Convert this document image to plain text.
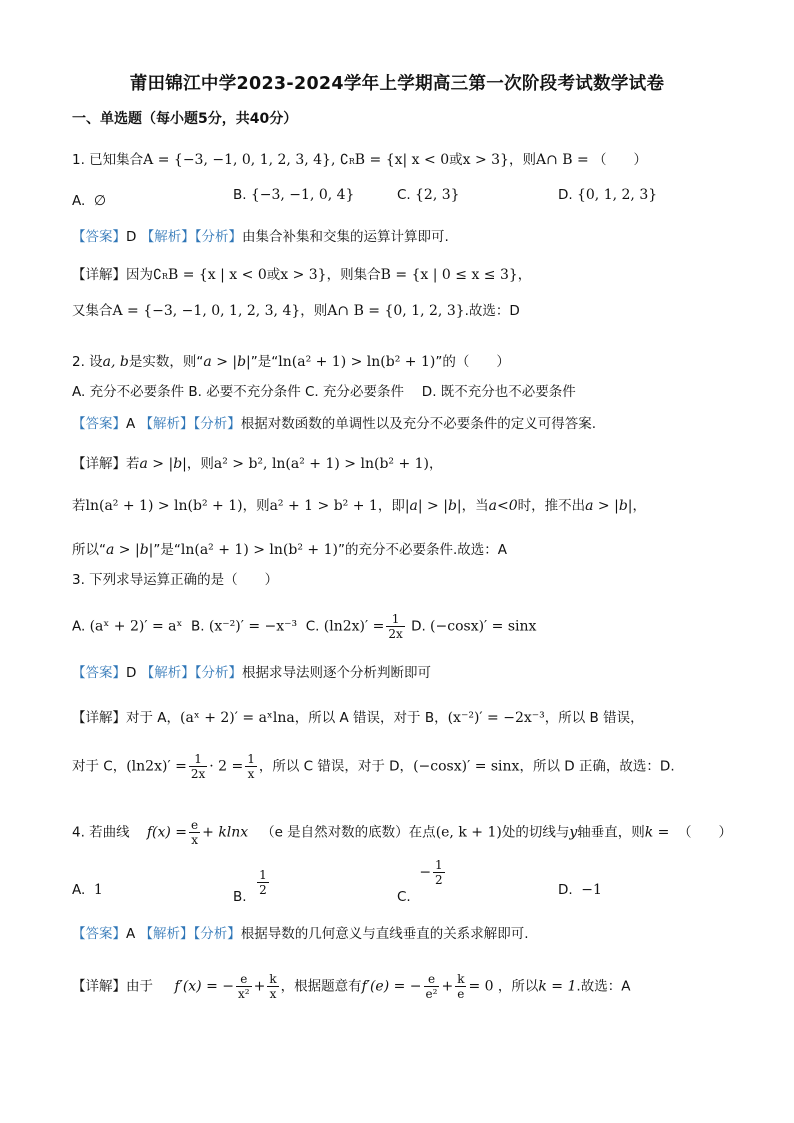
莆田锦江中学2023-2024学年上学期高三第一次阶段考试数学试卷
一、单选题（每小题5分，共40分）
1. 已知集合A = {−3, −1, 0, 1, 2, 3, 4}, ∁RB = {x| x < 0或x > 3}，则A∩ B = （　　）
A. ∅	B. {−3, −1, 0, 4}	C. {2, 3}	D. {0, 1, 2, 3}
【答案】D 【解析】【分析】由集合补集和交集的运算计算即可.
【详解】因为∁RB = {x | x < 0或x > 3}，则集合B = {x | 0 ≤ x ≤ 3}，
又集合A = {−3, −1, 0, 1, 2, 3, 4}，则A∩ B = {0, 1, 2, 3}.故选：D
2. 设a, b是实数，则“a > |b|”是“ln(a² + 1) > ln(b² + 1)”的（　　）
A. 充分不必要条件 B. 必要不充分条件 C. 充分必要条件　 D. 既不充分也不必要条件
【答案】A 【解析】【分析】根据对数函数的单调性以及充分不必要条件的定义可得答案.
【详解】若a > |b|，则a² > b², ln(a² + 1) > ln(b² + 1)，
若ln(a² + 1) > ln(b² + 1)，则a² + 1 > b² + 1，即|a| > |b|，当a<0时，推不出a > |b|，
所以“a > |b|”是“ln(a² + 1) > ln(b² + 1)”的充分不必要条件.故选：A
3. 下列求导运算正确的是（　　）
A. (aˣ + 2)′ = aˣ B. (x⁻²)′ = −x⁻³ C. $(\ln 2x)' = \frac{1}{2x} D$. (−cosx)′ = sinx
【答案】D 【解析】【分析】根据求导法则逐个分析判断即可
【详解】对于 A，(aˣ + 2)′ = aˣlna，所以 A 错误，对于 B，(x⁻²)′ = −2x⁻³，所以 B 错误，
对于 C，$(\ln 2x)' = \frac{1}{2x} \cdot 2 = \frac{1}{x}$ ，所以 C 错误，对于 D，(−cosx)′ = sinx，所以 D 正确，故选：D.
4. 若曲线 $f(x) = \frac{e}{x} + klnx$ （e 是自然对数的底数）在点(e, k + 1)处的切线与y轴垂直，则k = （　　）
A. 1	B. $\frac{1}{2}$	C.  − $\frac{1}{2}$
D. −1
【答案】A 【解析】【分析】根据导数的几何意义与直线垂直的关系求解即可.
【详解】由于 f′(x) = − $\frac{e}{\text{x²}} + \frac{k}{x}$ ，根据题意有f′(e) = − $\frac{e}{\text{e²}} + \frac{k}{e} = 0$ ，所以k = 1.故选：A
